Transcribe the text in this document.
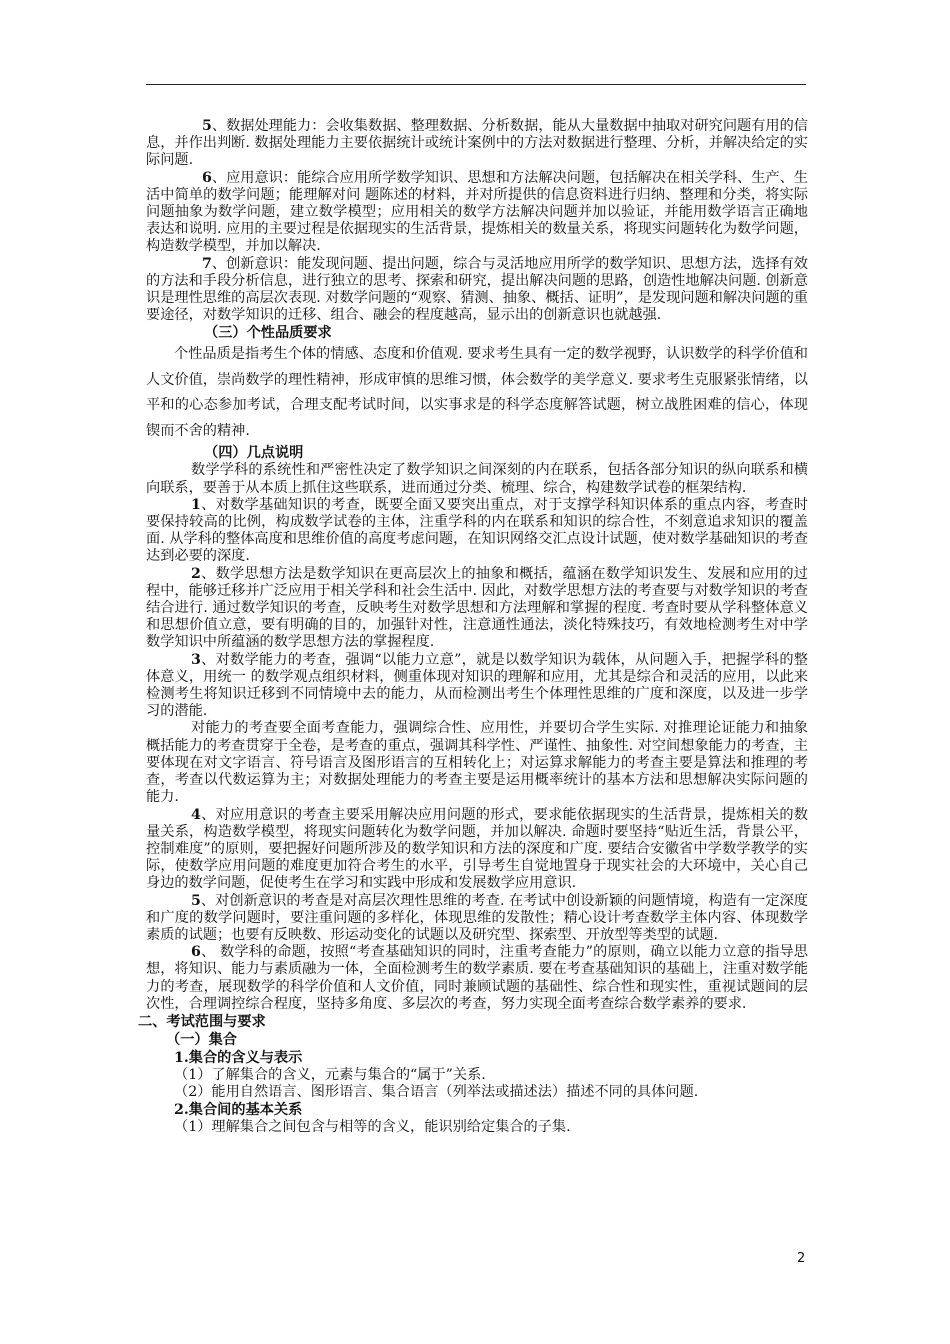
5、数据处理能力：会收集数据、整理数据、分析数据，能从大量数据中抽取对研究问题有用的信息，并作出判断. 数据处理能力主要依据统计或统计案例中的方法对数据进行整理、分析，并解决给定的实际问题.

6、应用意识：能综合应用所学数学知识、思想和方法解决问题，包括解决在相关学科、生产、生活中简单的数学问题；能理解对问 题陈述的材料，并对所提供的信息资料进行归纳、整理和分类，将实际问题抽象为数学问题，建立数学模型；应用相关的数学方法解决问题并加以验证，并能用数学语言正确地表达和说明. 应用的主要过程是依据现实的生活背景，提炼相关的数量关系，将现实问题转化为数学问题，构造数学模型，并加以解决.

7、创新意识：能发现问题、提出问题，综合与灵活地应用所学的数学知识、思想方法，选择有效的方法和手段分析信息，进行独立的思考、探索和研究，提出解决问题的思路，创造性地解决问题. 创新意识是理性思维的高层次表现. 对数学问题的“观察、猜测、抽象、概括、证明”，是发现问题和解决问题的重要途径，对数学知识的迁移、组合、融会的程度越高，显示出的创新意识也就越强.

（三）个性品质要求

个性品质是指考生个体的情感、态度和价值观. 要求考生具有一定的数学视野，认识数学的科学价值和人文价值，崇尚数学的理性精神，形成审慎的思维习惯，体会数学的美学意义. 要求考生克服紧张情绪，以平和的心态参加考试，合理支配考试时间，以实事求是的科学态度解答试题，树立战胜困难的信心，体现锲而不舍的精神.

（四）几点说明

数学学科的系统性和严密性决定了数学知识之间深刻的内在联系，包括各部分知识的纵向联系和横向联系，要善于从本质上抓住这些联系，进而通过分类、梳理、综合，构建数学试卷的框架结构.

1、对数学基础知识的考查，既要全面又要突出重点，对于支撑学科知识体系的重点内容，考查时要保持较高的比例，构成数学试卷的主体，注重学科的内在联系和知识的综合性，不刻意追求知识的覆盖面. 从学科的整体高度和思维价值的高度考虑问题，在知识网络交汇点设计试题，使对数学基础知识的考查达到必要的深度.

2、数学思想方法是数学知识在更高层次上的抽象和概括，蕴涵在数学知识发生、发展和应用的过程中，能够迁移并广泛应用于相关学科和社会生活中. 因此，对数学思想方法的考查要与对数学知识的考查结合进行. 通过数学知识的考查，反映考生对数学思想和方法理解和掌握的程度. 考查时要从学科整体意义和思想价值立意，要有明确的目的，加强针对性，注意通性通法，淡化特殊技巧，有效地检测考生对中学数学知识中所蕴涵的数学思想方法的掌握程度.

3、对数学能力的考查，强调“以能力立意”，就是以数学知识为载体，从问题入手，把握学科的整体意义，用统一 的数学观点组织材料，侧重体现对知识的理解和应用，尤其是综合和灵活的应用，以此来检测考生将知识迁移到不同情境中去的能力，从而检测出考生个体理性思维的广度和深度，以及进一步学习的潜能.

对能力的考查要全面考查能力，强调综合性、应用性，并要切合学生实际. 对推理论证能力和抽象概括能力的考查贯穿于全卷，是考查的重点，强调其科学性、严谨性、抽象性. 对空间想象能力的考查，主要体现在对文字语言、符号语言及图形语言的互相转化上；对运算求解能力的考查主要是算法和推理的考查，考查以代数运算为主；对数据处理能力的考查主要是运用概率统计的基本方法和思想解决实际问题的能力.

4、对应用意识的考查主要采用解决应用问题的形式，要求能依据现实的生活背景，提炼相关的数量关系，构造数学模型，将现实问题转化为数学问题，并加以解决. 命题时要坚持“贴近生活，背景公平，控制难度”的原则，要把握好问题所涉及的数学知识和方法的深度和广度. 要结合安徽省中学数学教学的实际，使数学应用问题的难度更加符合考生的水平，引导考生自觉地置身于现实社会的大环境中，关心自己身边的数学问题，促使考生在学习和实践中形成和发展数学应用意识.

5、对创新意识的考查是对高层次理性思维的考查. 在考试中创设新颖的问题情境，构造有一定深度和广度的数学问题时，要注重问题的多样化，体现思维的发散性；精心设计考查数学主体内容、体现数学素质的试题；也要有反映数、形运动变化的试题以及研究型、探索型、开放型等类型的试题.

6、 数学科的命题，按照“考查基础知识的同时，注重考查能力”的原则，确立以能力立意的指导思想，将知识、能力与素质融为一体，全面检测考生的数学素质. 要在考查基础知识的基础上，注重对数学能力的考查，展现数学的科学价值和人文价值，同时兼顾试题的基础性、综合性和现实性，重视试题间的层次性，合理调控综合程度，坚持多角度、多层次的考查，努力实现全面考查综合数学素养的要求.

二、考试范围与要求
（一）集合
1.集合的含义与表示

（1）了解集合的含义，元素与集合的“属于”关系.

（2）能用自然语言、图形语言、集合语言（列举法或描述法）描述不同的具体问题.

2.集合间的基本关系

（1）理解集合之间包含与相等的含义，能识别给定集合的子集.

2
